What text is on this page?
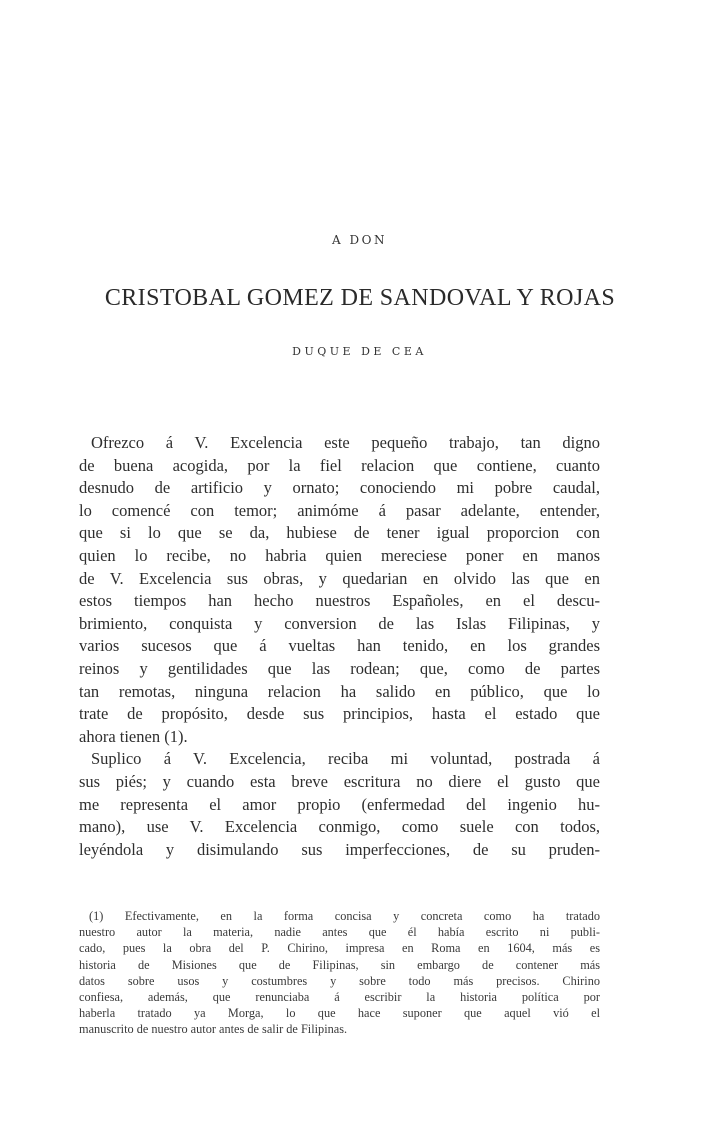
A DON
CRISTOBAL GOMEZ DE SANDOVAL Y ROJAS
DUQUE DE CEA
Ofrezco á V. Excelencia este pequeño trabajo, tan digno
de buena acogida, por la fiel relacion que contiene, cuanto
desnudo de artificio y ornato; conociendo mi pobre caudal,
lo comencé con temor; animóme á pasar adelante, entender,
que si lo que se da, hubiese de tener igual proporcion con
quien lo recibe, no habria quien mereciese poner en manos
de V. Excelencia sus obras, y quedarian en olvido las que en
estos tiempos han hecho nuestros Españoles, en el descu-
brimiento, conquista y conversion de las Islas Filipinas, y
varios sucesos que á vueltas han tenido, en los grandes
reinos y gentilidades que las rodean; que, como de partes
tan remotas, ninguna relacion ha salido en público, que lo
trate de propósito, desde sus principios, hasta el estado que
ahora tienen (1).
Suplico á V. Excelencia, reciba mi voluntad, postrada á
sus piés; y cuando esta breve escritura no diere el gusto que
me representa el amor propio (enfermedad del ingenio hu-
mano), use V. Excelencia conmigo, como suele con todos,
leyéndola y disimulando sus imperfecciones, de su pruden-
(1) Efectivamente, en la forma concisa y concreta como ha tratado
nuestro autor la materia, nadie antes que él había escrito ni publi-
cado, pues la obra del P. Chirino, impresa en Roma en 1604, más es
historia de Misiones que de Filipinas, sin embargo de contener más
datos sobre usos y costumbres y sobre todo más precisos. Chirino
confiesa, además, que renunciaba á escribir la historia política por
haberla tratado ya Morga, lo que hace suponer que aquel vió el
manuscrito de nuestro autor antes de salir de Filipinas.
